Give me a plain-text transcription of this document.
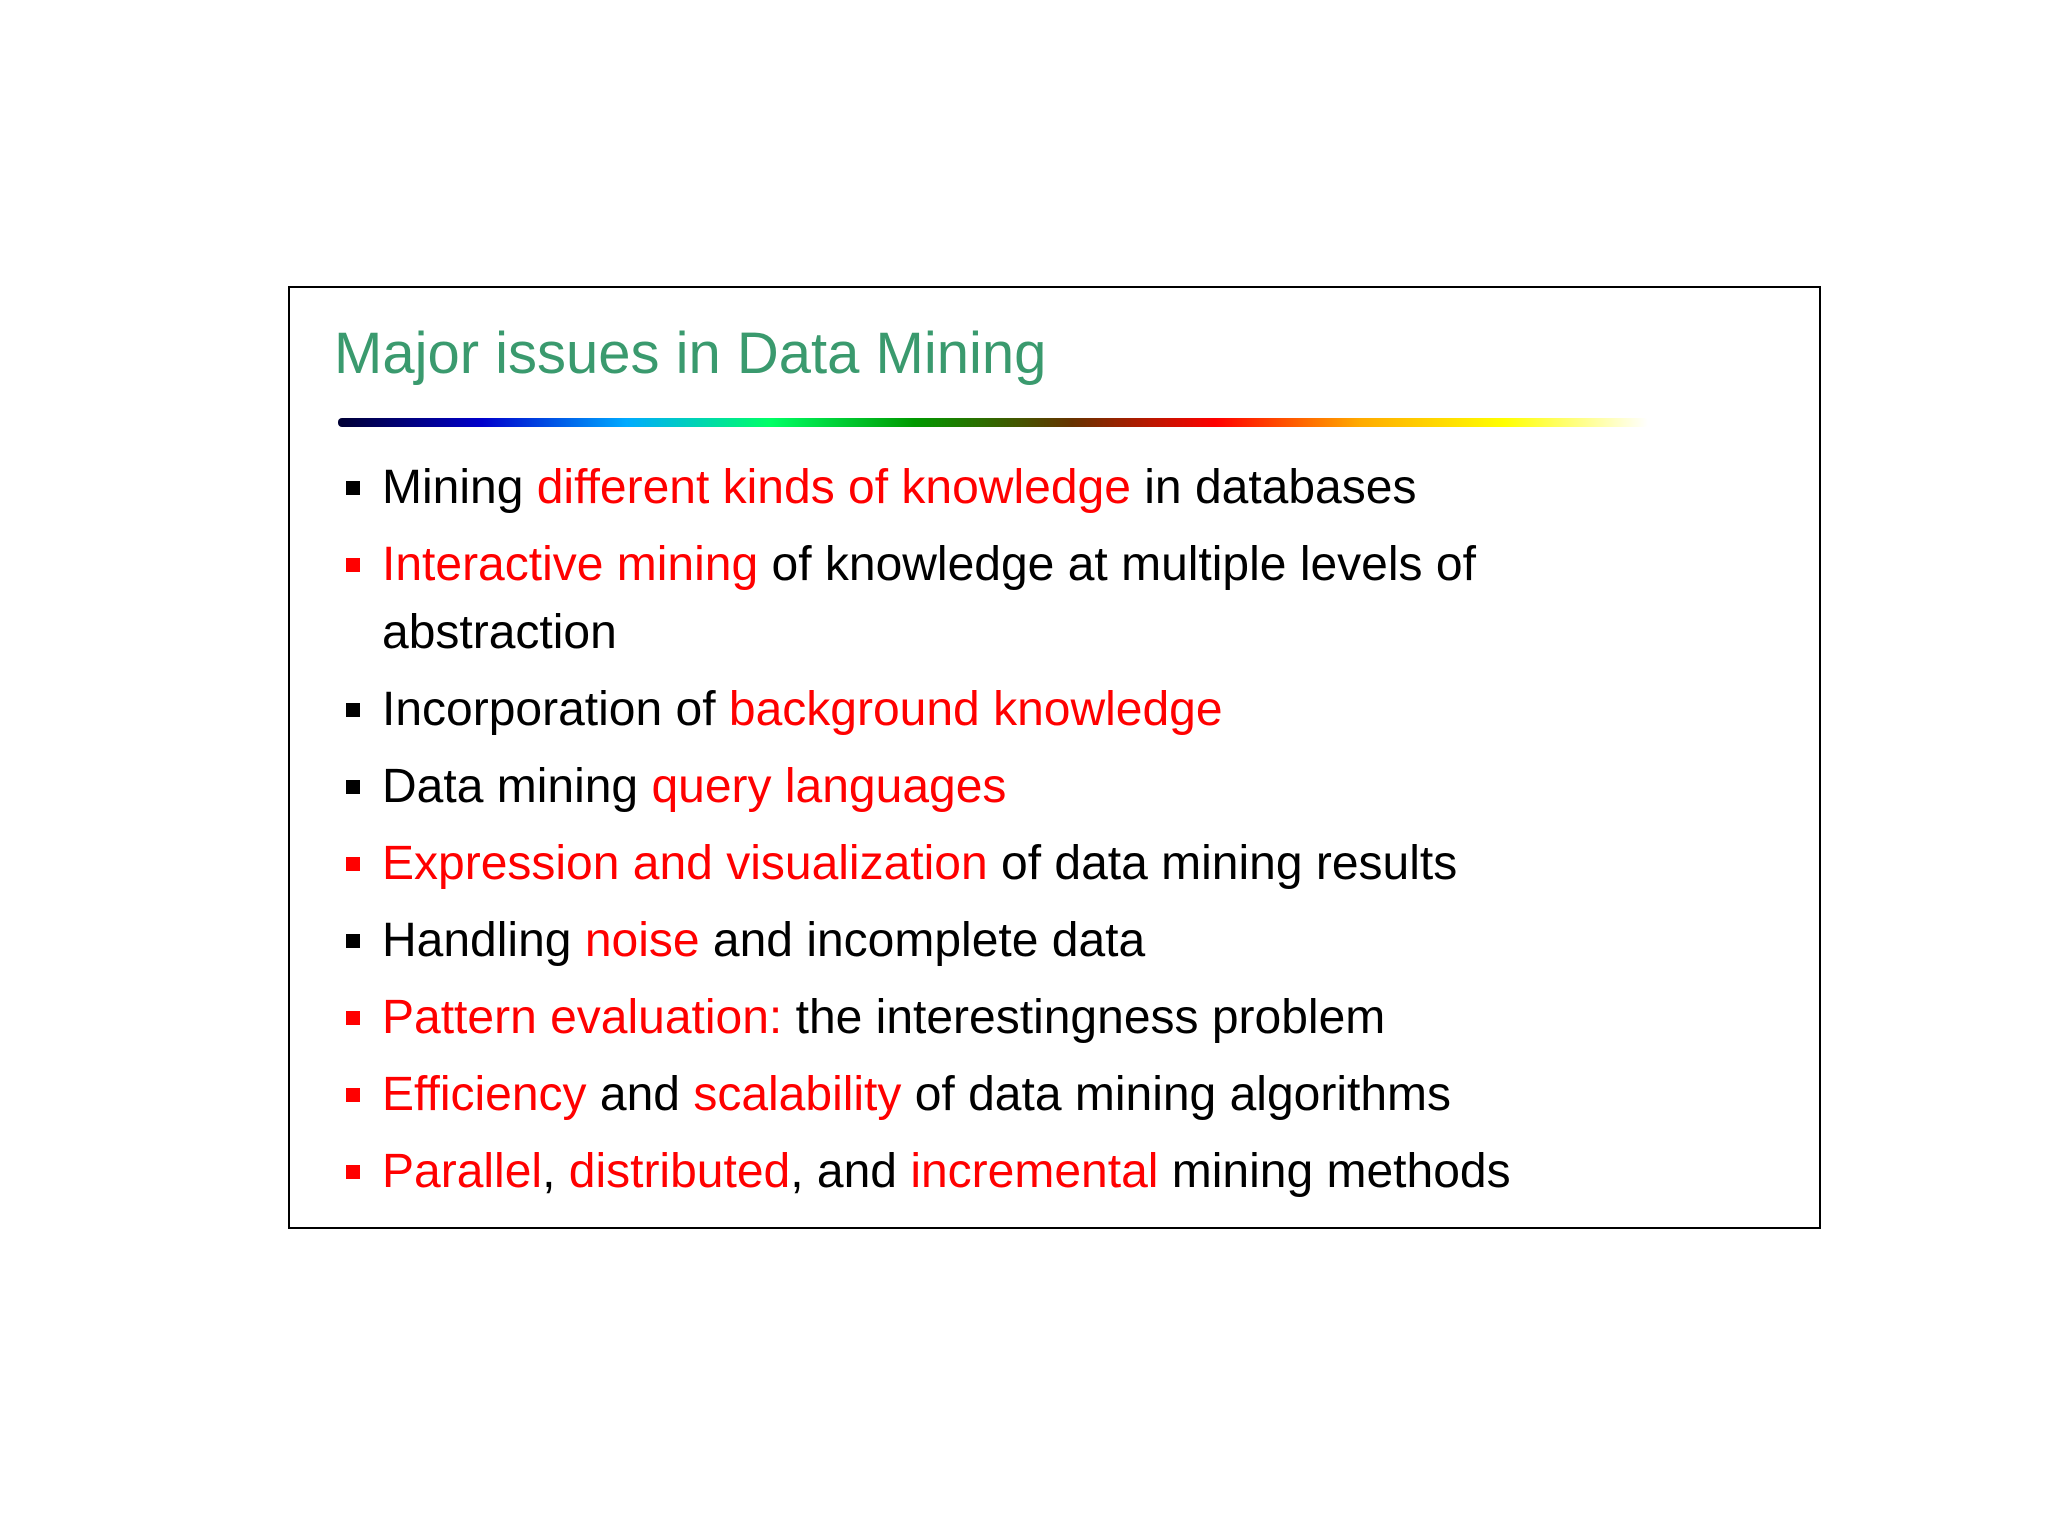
Major issues in Data Mining
Mining different kinds of knowledge in databases
Interactive mining of knowledge at multiple levels of abstraction
Incorporation of background knowledge
Data mining query languages
Expression and visualization of data mining results
Handling noise and incomplete data
Pattern evaluation: the interestingness problem
Efficiency and scalability of data mining algorithms
Parallel, distributed, and incremental mining methods
